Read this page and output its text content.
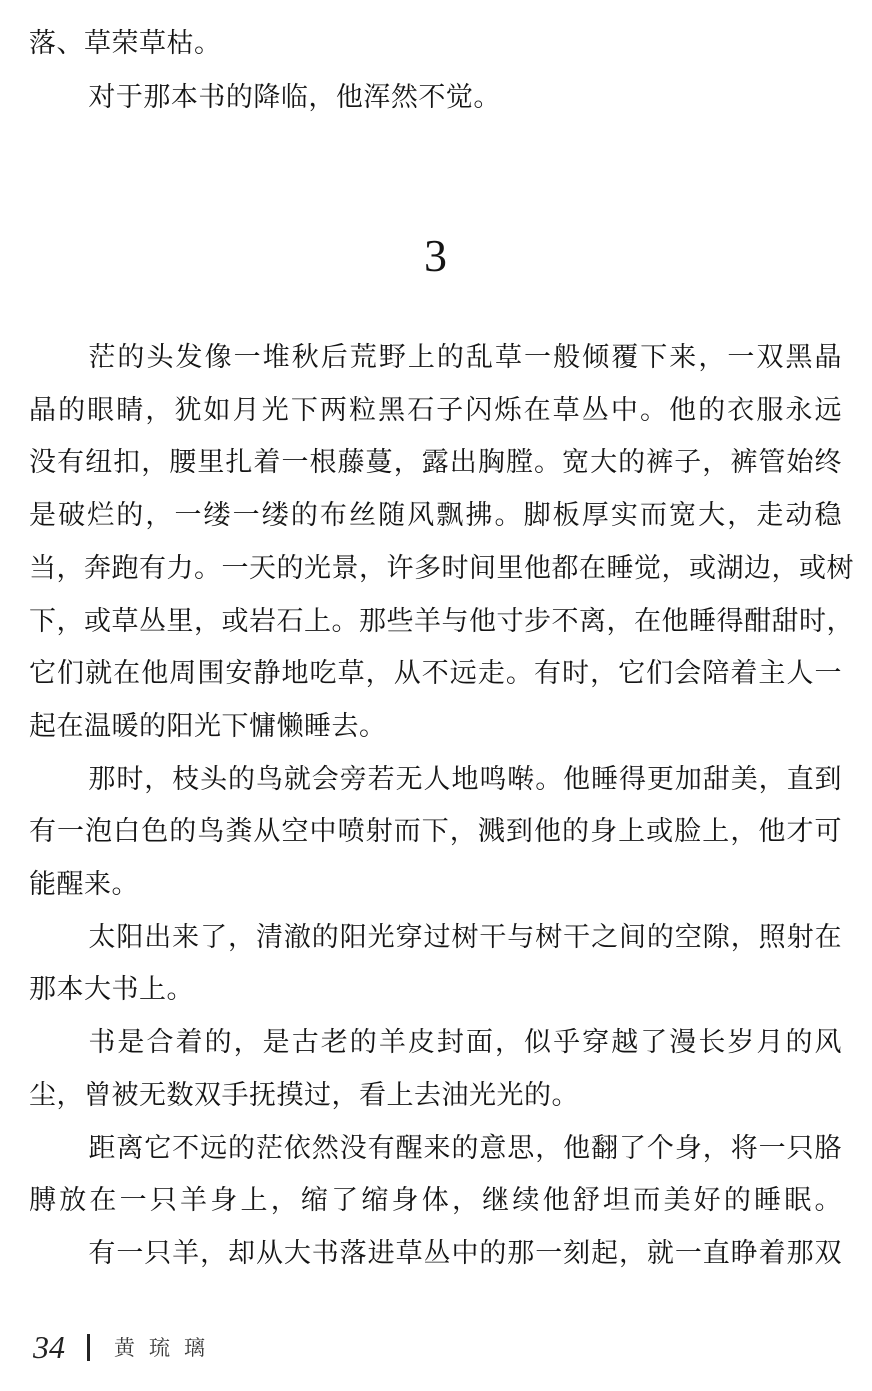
落、草荣草枯。
对于那本书的降临，他浑然不觉。
3
茫的头发像一堆秋后荒野上的乱草一般倾覆下来，一双黑晶
晶的眼睛，犹如月光下两粒黑石子闪烁在草丛中。他的衣服永远
没有纽扣，腰里扎着一根藤蔓，露出胸膛。宽大的裤子，裤管始终
是破烂的，一缕一缕的布丝随风飘拂。脚板厚实而宽大，走动稳
当，奔跑有力。一天的光景，许多时间里他都在睡觉，或湖边，或树
下，或草丛里，或岩石上。那些羊与他寸步不离，在他睡得酣甜时，
它们就在他周围安静地吃草，从不远走。有时，它们会陪着主人一
起在温暖的阳光下慵懒睡去。
那时，枝头的鸟就会旁若无人地鸣啭。他睡得更加甜美，直到
有一泡白色的鸟粪从空中喷射而下，溅到他的身上或脸上，他才可
能醒来。
太阳出来了，清澈的阳光穿过树干与树干之间的空隙，照射在
那本大书上。
书是合着的，是古老的羊皮封面，似乎穿越了漫长岁月的风
尘，曾被无数双手抚摸过，看上去油光光的。
距离它不远的茫依然没有醒来的意思，他翻了个身，将一只胳
膊放在一只羊身上，缩了缩身体，继续他舒坦而美好的睡眠。
有一只羊，却从大书落进草丛中的那一刻起，就一直睁着那双
34 黄琉璃
